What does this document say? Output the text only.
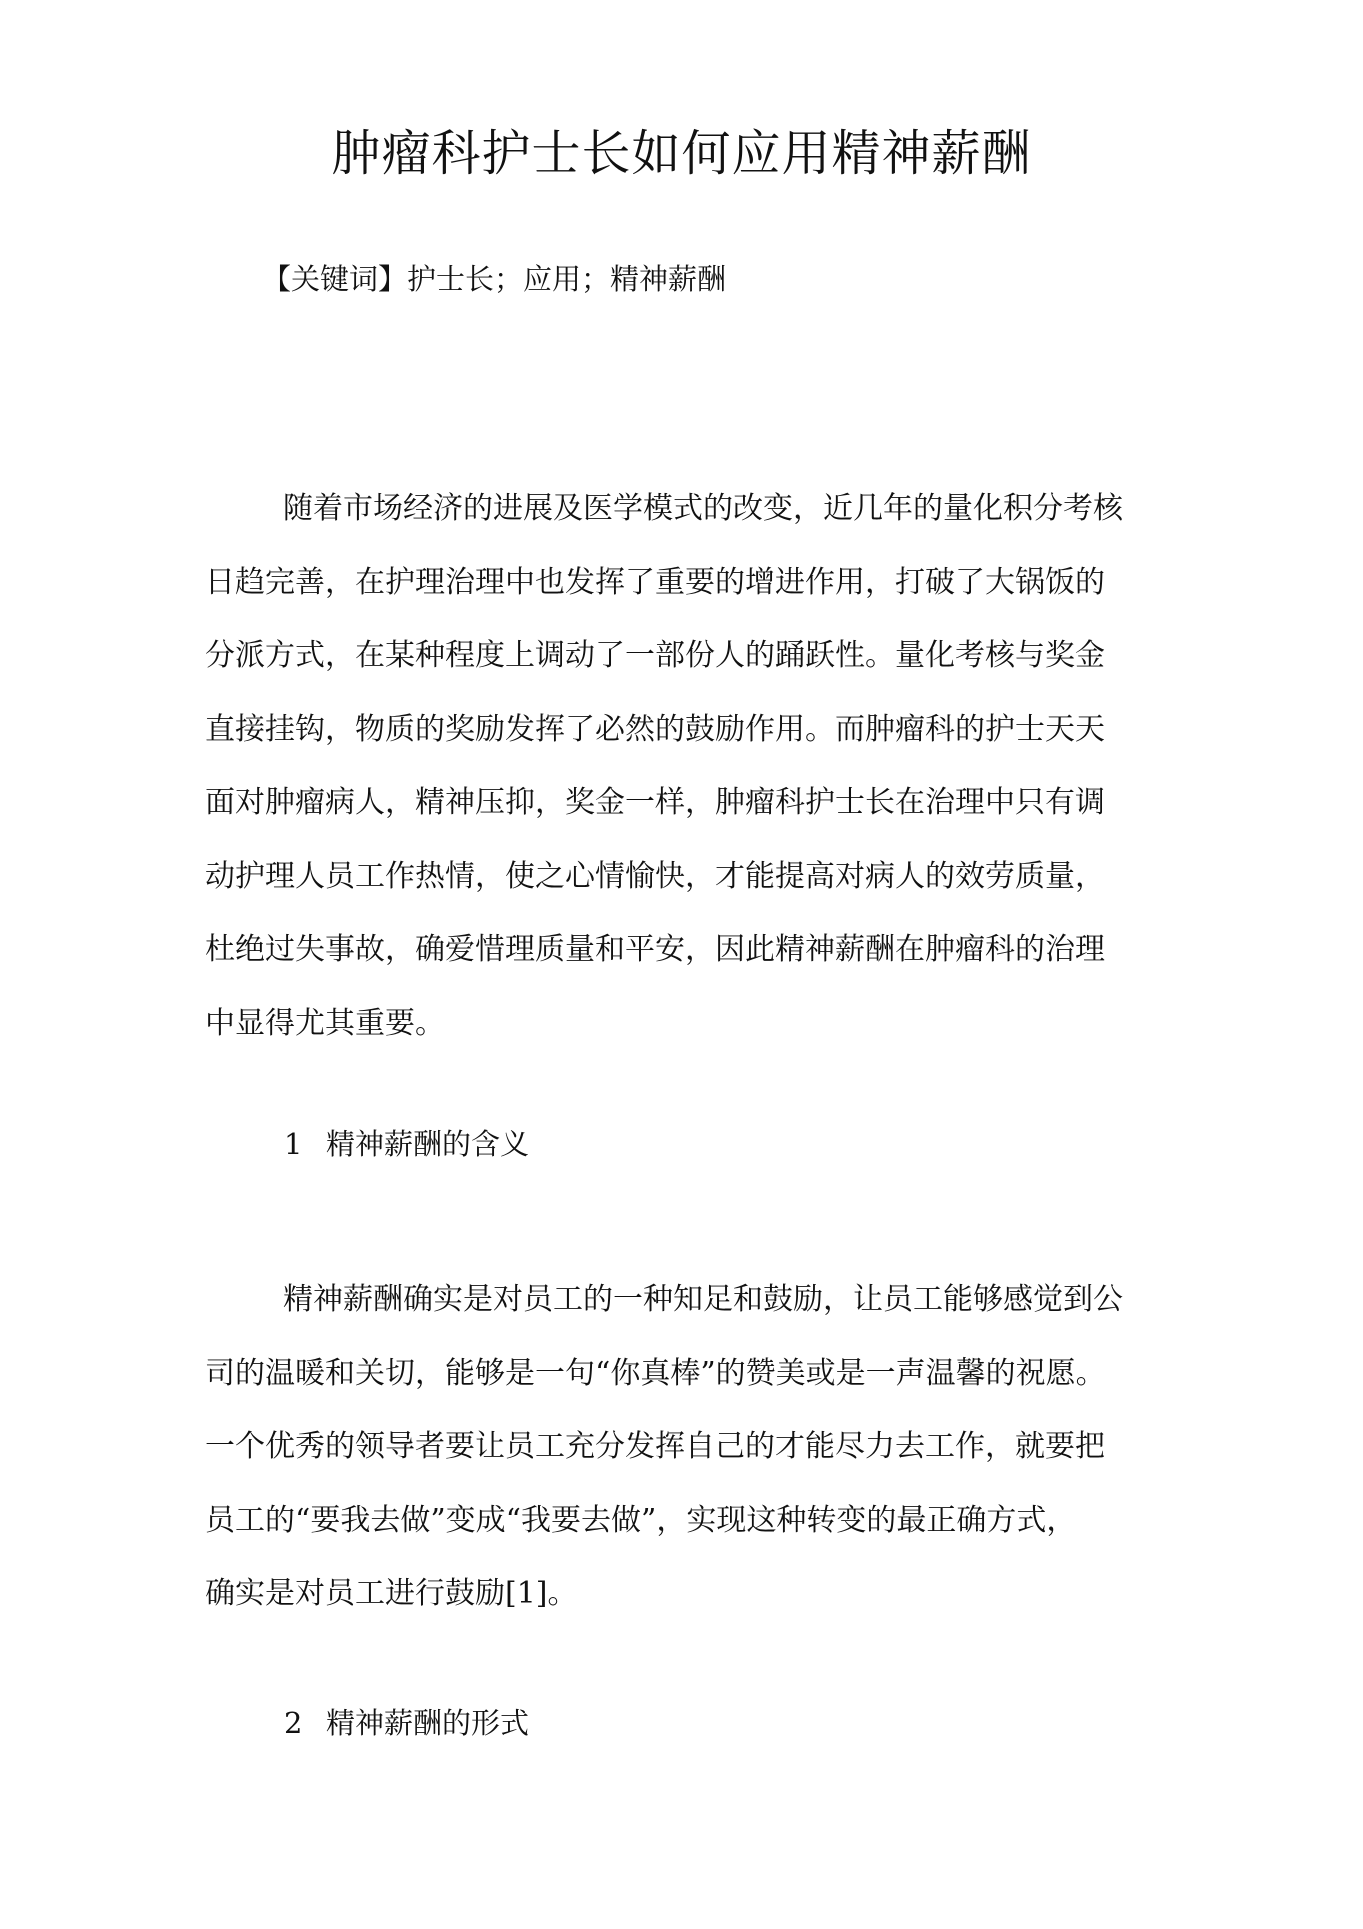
肿瘤科护士长如何应用精神薪酬
【关键词】护士长；应用；精神薪酬
随着市场经济的进展及医学模式的改变，近几年的量化积分考核
日趋完善，在护理治理中也发挥了重要的增进作用，打破了大锅饭的
分派方式，在某种程度上调动了一部份人的踊跃性。量化考核与奖金
直接挂钩，物质的奖励发挥了必然的鼓励作用。而肿瘤科的护士天天
面对肿瘤病人，精神压抑，奖金一样，肿瘤科护士长在治理中只有调
动护理人员工作热情，使之心情愉快，才能提高对病人的效劳质量，
杜绝过失事故，确爱惜理质量和平安，因此精神薪酬在肿瘤科的治理
中显得尤其重要。
1 精神薪酬的含义
精神薪酬确实是对员工的一种知足和鼓励，让员工能够感觉到公
司的温暖和关切，能够是一句“你真棒”的赞美或是一声温馨的祝愿。
一个优秀的领导者要让员工充分发挥自己的才能尽力去工作，就要把
员工的“要我去做”变成“我要去做”，实现这种转变的最正确方式，
确实是对员工进行鼓励[1]。
2 精神薪酬的形式
